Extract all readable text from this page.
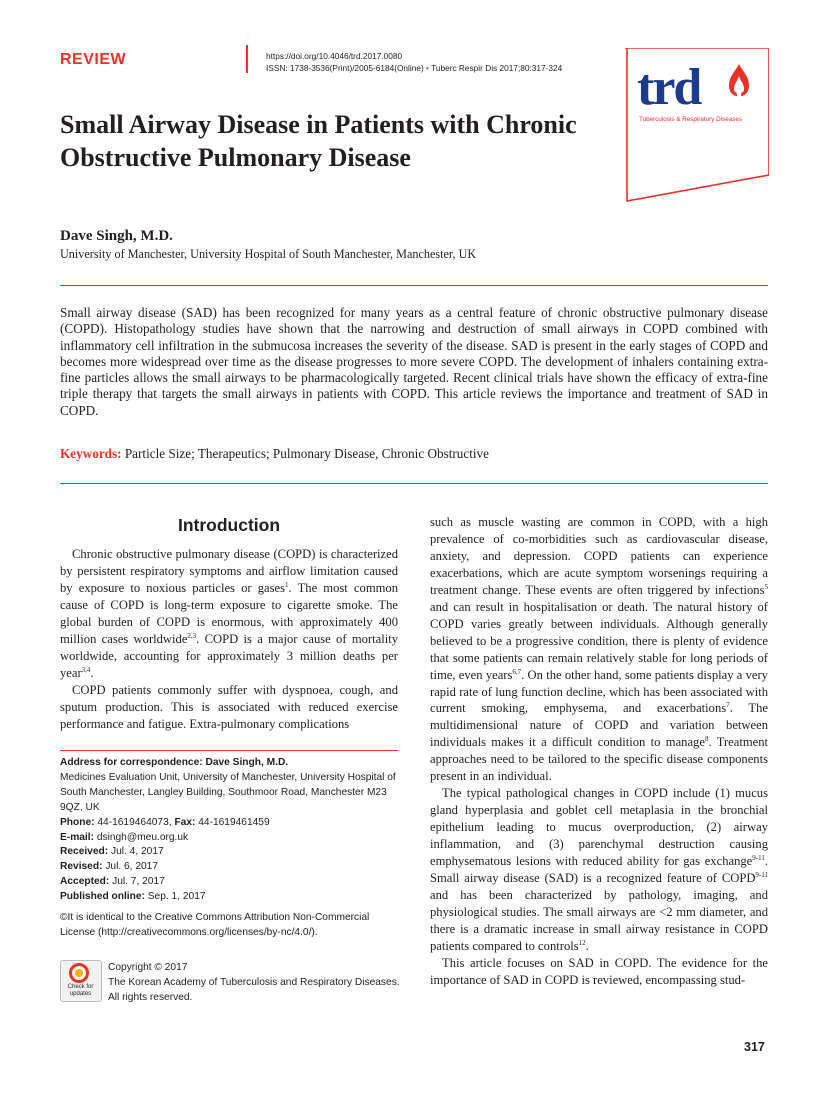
REVIEW	https://doi.org/10.4046/trd.2017.0080
ISSN: 1738-3536(Print)/2005-6184(Online) • Tuberc Respir Dis 2017;80:317-324 trd
Tuberculosis & Respiratory Diseases
Small Airway Disease in Patients with Chronic Obstructive Pulmonary Disease
Dave Singh, M.D.
University of Manchester, University Hospital of South Manchester, Manchester, UK
Small airway disease (SAD) has been recognized for many years as a central feature of chronic obstructive pulmonary disease (COPD). Histopathology studies have shown that the narrowing and destruction of small airways in COPD combined with inflammatory cell infiltration in the submucosa increases the severity of the disease. SAD is present in the early stages of COPD and becomes more widespread over time as the disease progresses to more severe COPD. The development of inhalers containing extra-fine particles allows the small airways to be pharmacologically targeted. Recent clinical trials have shown the efficacy of extra-fine triple therapy that targets the small airways in patients with COPD. This article reviews the importance and treatment of SAD in COPD.
Keywords: Particle Size; Therapeutics; Pulmonary Disease, Chronic Obstructive
Introduction

Chronic obstructive pulmonary disease (COPD) is characterized by persistent respiratory symptoms and airflow limitation caused by exposure to noxious particles or gases$^1$. The most common cause of COPD is long-term exposure to cigarette smoke. The global burden of COPD is enormous, with approximately 400 million cases worldwide$^{2,3}$. COPD is a major cause of mortality worldwide, accounting for approximately 3 million deaths per year$^{3,4}$.

COPD patients commonly suffer with dyspnoea, cough, and sputum production. This is associated with reduced exercise performance and fatigue. Extra-pulmonary complications

Address for correspondence: Dave Singh, M.D.
Medicines Evaluation Unit, University of Manchester, University Hospital of South Manchester, Langley Building, Southmoor Road, Manchester M23 9QZ, UK
Phone: 44-1619464073, Fax: 44-1619461459
E-mail: dsingh@meu.org.uk
Received: Jul. 4, 2017
Revised: Jul. 6, 2017
Accepted: Jul. 7, 2017
Published online: Sep. 1, 2017
©It is identical to the Creative Commons Attribution Non-Commercial License (http://creativecommons.org/licenses/by-nc/4.0/).
Check for updates
Copyright © 2017
The Korean Academy of Tuberculosis and Respiratory Diseases.
All rights reserved.

such as muscle wasting are common in COPD, with a high prevalence of co-morbidities such as cardiovascular disease, anxiety, and depression. COPD patients can experience exacerbations, which are acute symptom worsenings requiring a treatment change. These events are often triggered by infections$^5$ and can result in hospitalisation or death. The natural history of COPD varies greatly between individuals. Although generally believed to be a progressive condition, there is plenty of evidence that some patients can remain relatively stable for long periods of time, even years$^{6,7}$. On the other hand, some patients display a very rapid rate of lung function decline, which has been associated with current smoking, emphysema, and exacerbations$^7$. The multidimensional nature of COPD and variation between individuals makes it a difficult condition to manage$^8$. Treatment approaches need to be tailored to the specific disease components present in an individual.

The typical pathological changes in COPD include (1) mucus gland hyperplasia and goblet cell metaplasia in the bronchial epithelium leading to mucus overproduction, (2) airway inflammation, and (3) parenchymal destruction causing emphysematous lesions with reduced ability for gas exchange$^{9-11}$. Small airway disease (SAD) is a recognized feature of COPD$^{9-11}$ and has been characterized by pathology, imaging, and physiological studies. The small airways are <2 mm diameter, and there is a dramatic increase in small airway resistance in COPD patients compared to controls$^{12}$.

This article focuses on SAD in COPD. The evidence for the importance of SAD in COPD is reviewed, encompassing stud-

317
